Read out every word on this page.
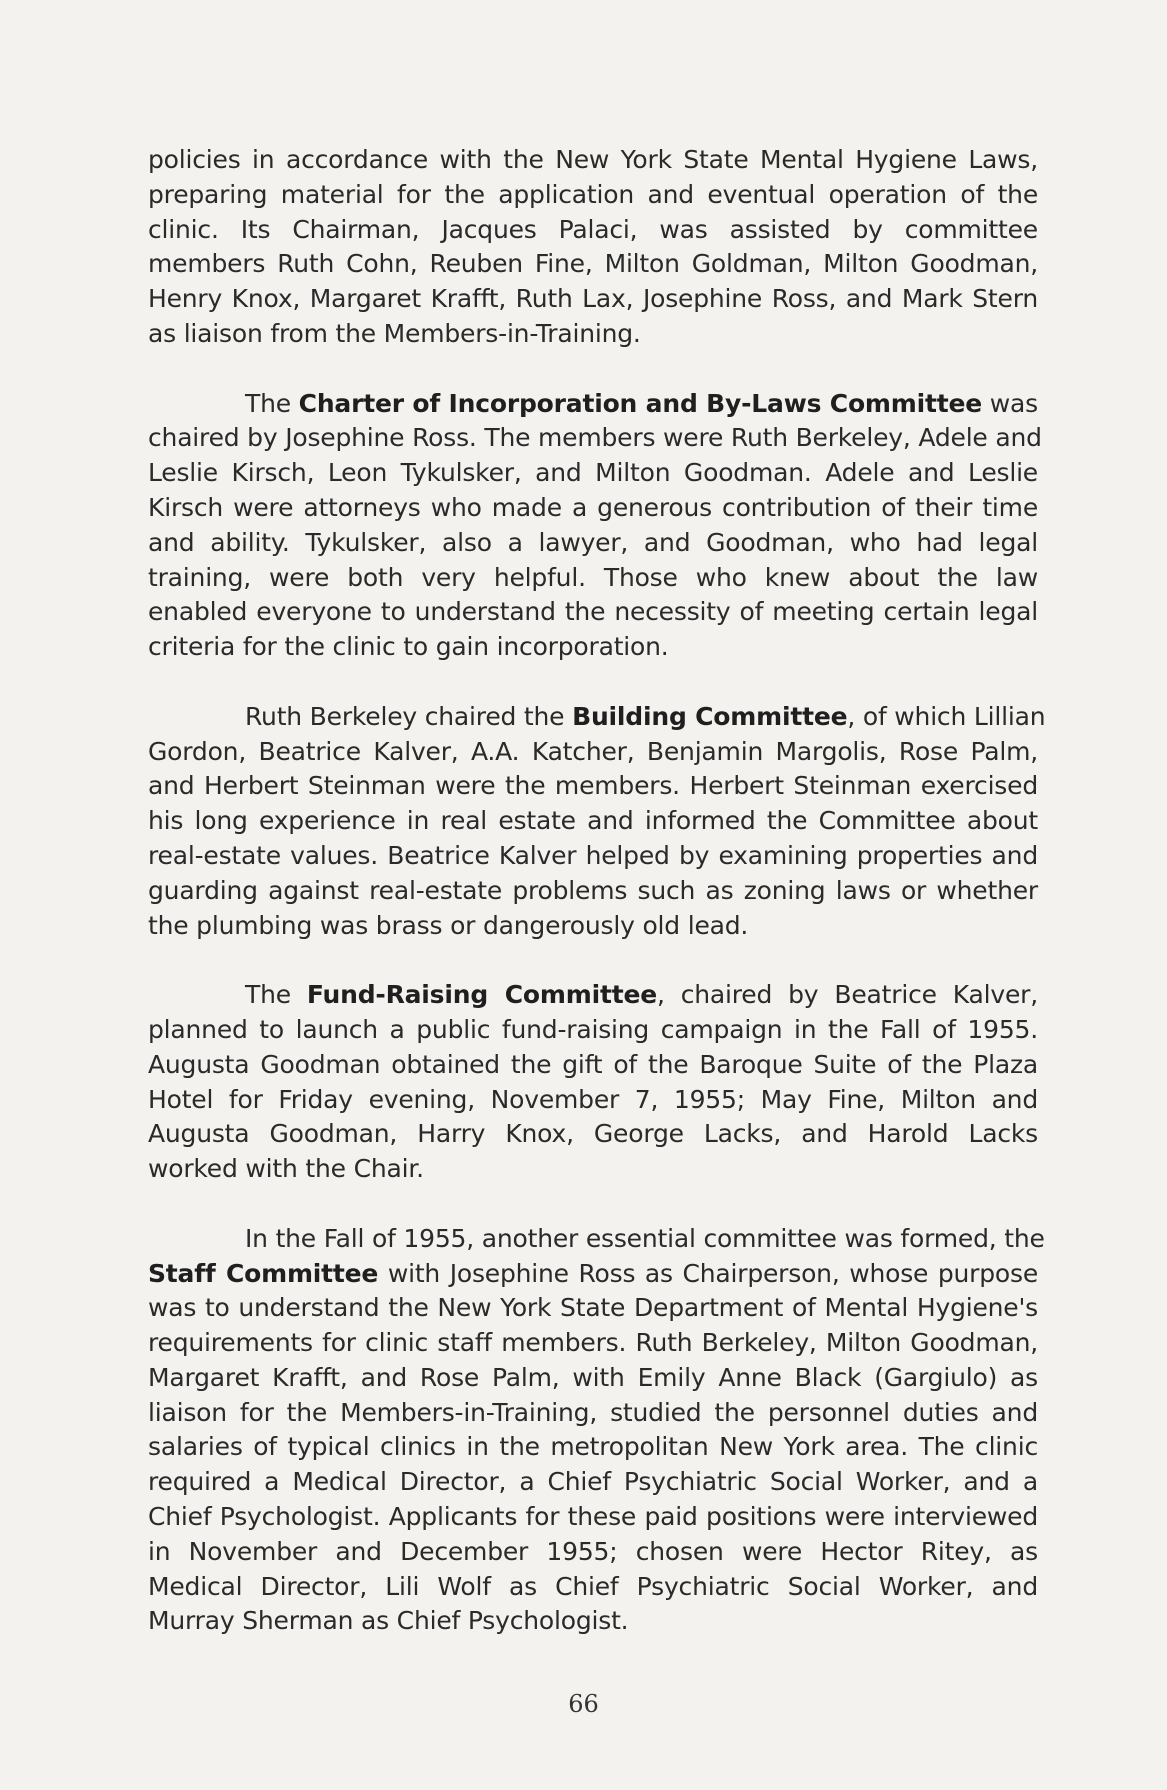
policies in accordance with the New York State Mental Hygiene Laws,
preparing material for the application and eventual operation of the
clinic. Its Chairman, Jacques Palaci, was assisted by committee
members Ruth Cohn, Reuben Fine, Milton Goldman, Milton Goodman,
Henry Knox, Margaret Krafft, Ruth Lax, Josephine Ross, and Mark Stern
as liaison from the Members-in-Training.
The Charter of Incorporation and By-Laws Committee was
chaired by Josephine Ross. The members were Ruth Berkeley, Adele and
Leslie Kirsch, Leon Tykulsker, and Milton Goodman. Adele and Leslie
Kirsch were attorneys who made a generous contribution of their time
and ability. Tykulsker, also a lawyer, and Goodman, who had legal
training, were both very helpful. Those who knew about the law
enabled everyone to understand the necessity of meeting certain legal
criteria for the clinic to gain incorporation.
Ruth Berkeley chaired the Building Committee, of which Lillian
Gordon, Beatrice Kalver, A.A. Katcher, Benjamin Margolis, Rose Palm,
and Herbert Steinman were the members. Herbert Steinman exercised
his long experience in real estate and informed the Committee about
real-estate values. Beatrice Kalver helped by examining properties and
guarding against real-estate problems such as zoning laws or whether
the plumbing was brass or dangerously old lead.
The Fund-Raising Committee, chaired by Beatrice Kalver,
planned to launch a public fund-raising campaign in the Fall of 1955.
Augusta Goodman obtained the gift of the Baroque Suite of the Plaza
Hotel for Friday evening, November 7, 1955; May Fine, Milton and
Augusta Goodman, Harry Knox, George Lacks, and Harold Lacks
worked with the Chair.
In the Fall of 1955, another essential committee was formed, the
Staff Committee with Josephine Ross as Chairperson, whose purpose
was to understand the New York State Department of Mental Hygiene's
requirements for clinic staff members. Ruth Berkeley, Milton Goodman,
Margaret Krafft, and Rose Palm, with Emily Anne Black (Gargiulo) as
liaison for the Members-in-Training, studied the personnel duties and
salaries of typical clinics in the metropolitan New York area. The clinic
required a Medical Director, a Chief Psychiatric Social Worker, and a
Chief Psychologist. Applicants for these paid positions were interviewed
in November and December 1955; chosen were Hector Ritey, as
Medical Director, Lili Wolf as Chief Psychiatric Social Worker, and
Murray Sherman as Chief Psychologist.
66
